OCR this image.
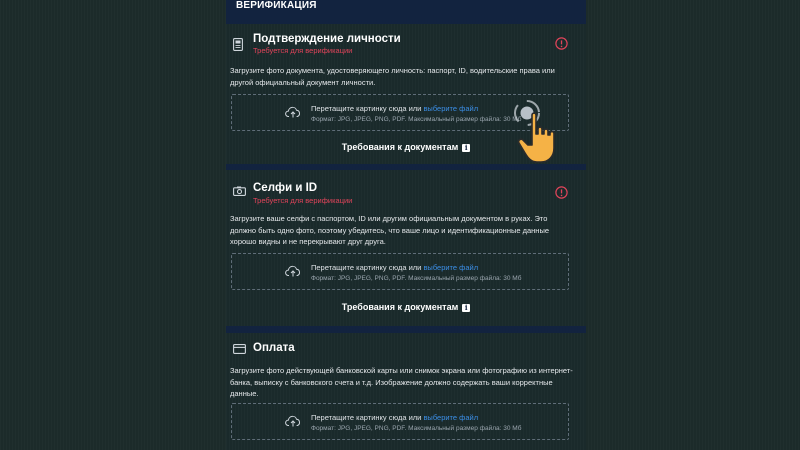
ВЕРИФИКАЦИЯ
Подтверждение личности
Требуется для верификации
Загрузите фото документа, удостоверяющего личность: паспорт, ID, водительские права или другой официальный документ личности.
Перетащите картинку сюда или выберите файл
Формат: JPG, JPEG, PNG, PDF. Максимальный размер файла: 30 Мб
Требования к документам i
Селфи и ID
Требуется для верификации
Загрузите ваше селфи с паспортом, ID или другим официальным документом в руках. Это должно быть одно фото, поэтому убедитесь, что ваше лицо и идентификационные данные хорошо видны и не перекрывают друг друга.
Перетащите картинку сюда или выберите файл
Формат: JPG, JPEG, PNG, PDF. Максимальный размер файла: 30 Мб
Требования к документам i
Оплата
Загрузите фото действующей банковской карты или снимок экрана или фотографию из интернет-банка, выписку с банковского счета и т.д. Изображение должно содержать ваши корректные данные.
Перетащите картинку сюда или выберите файл
Формат: JPG, JPEG, PNG, PDF. Максимальный размер файла: 30 Мб
